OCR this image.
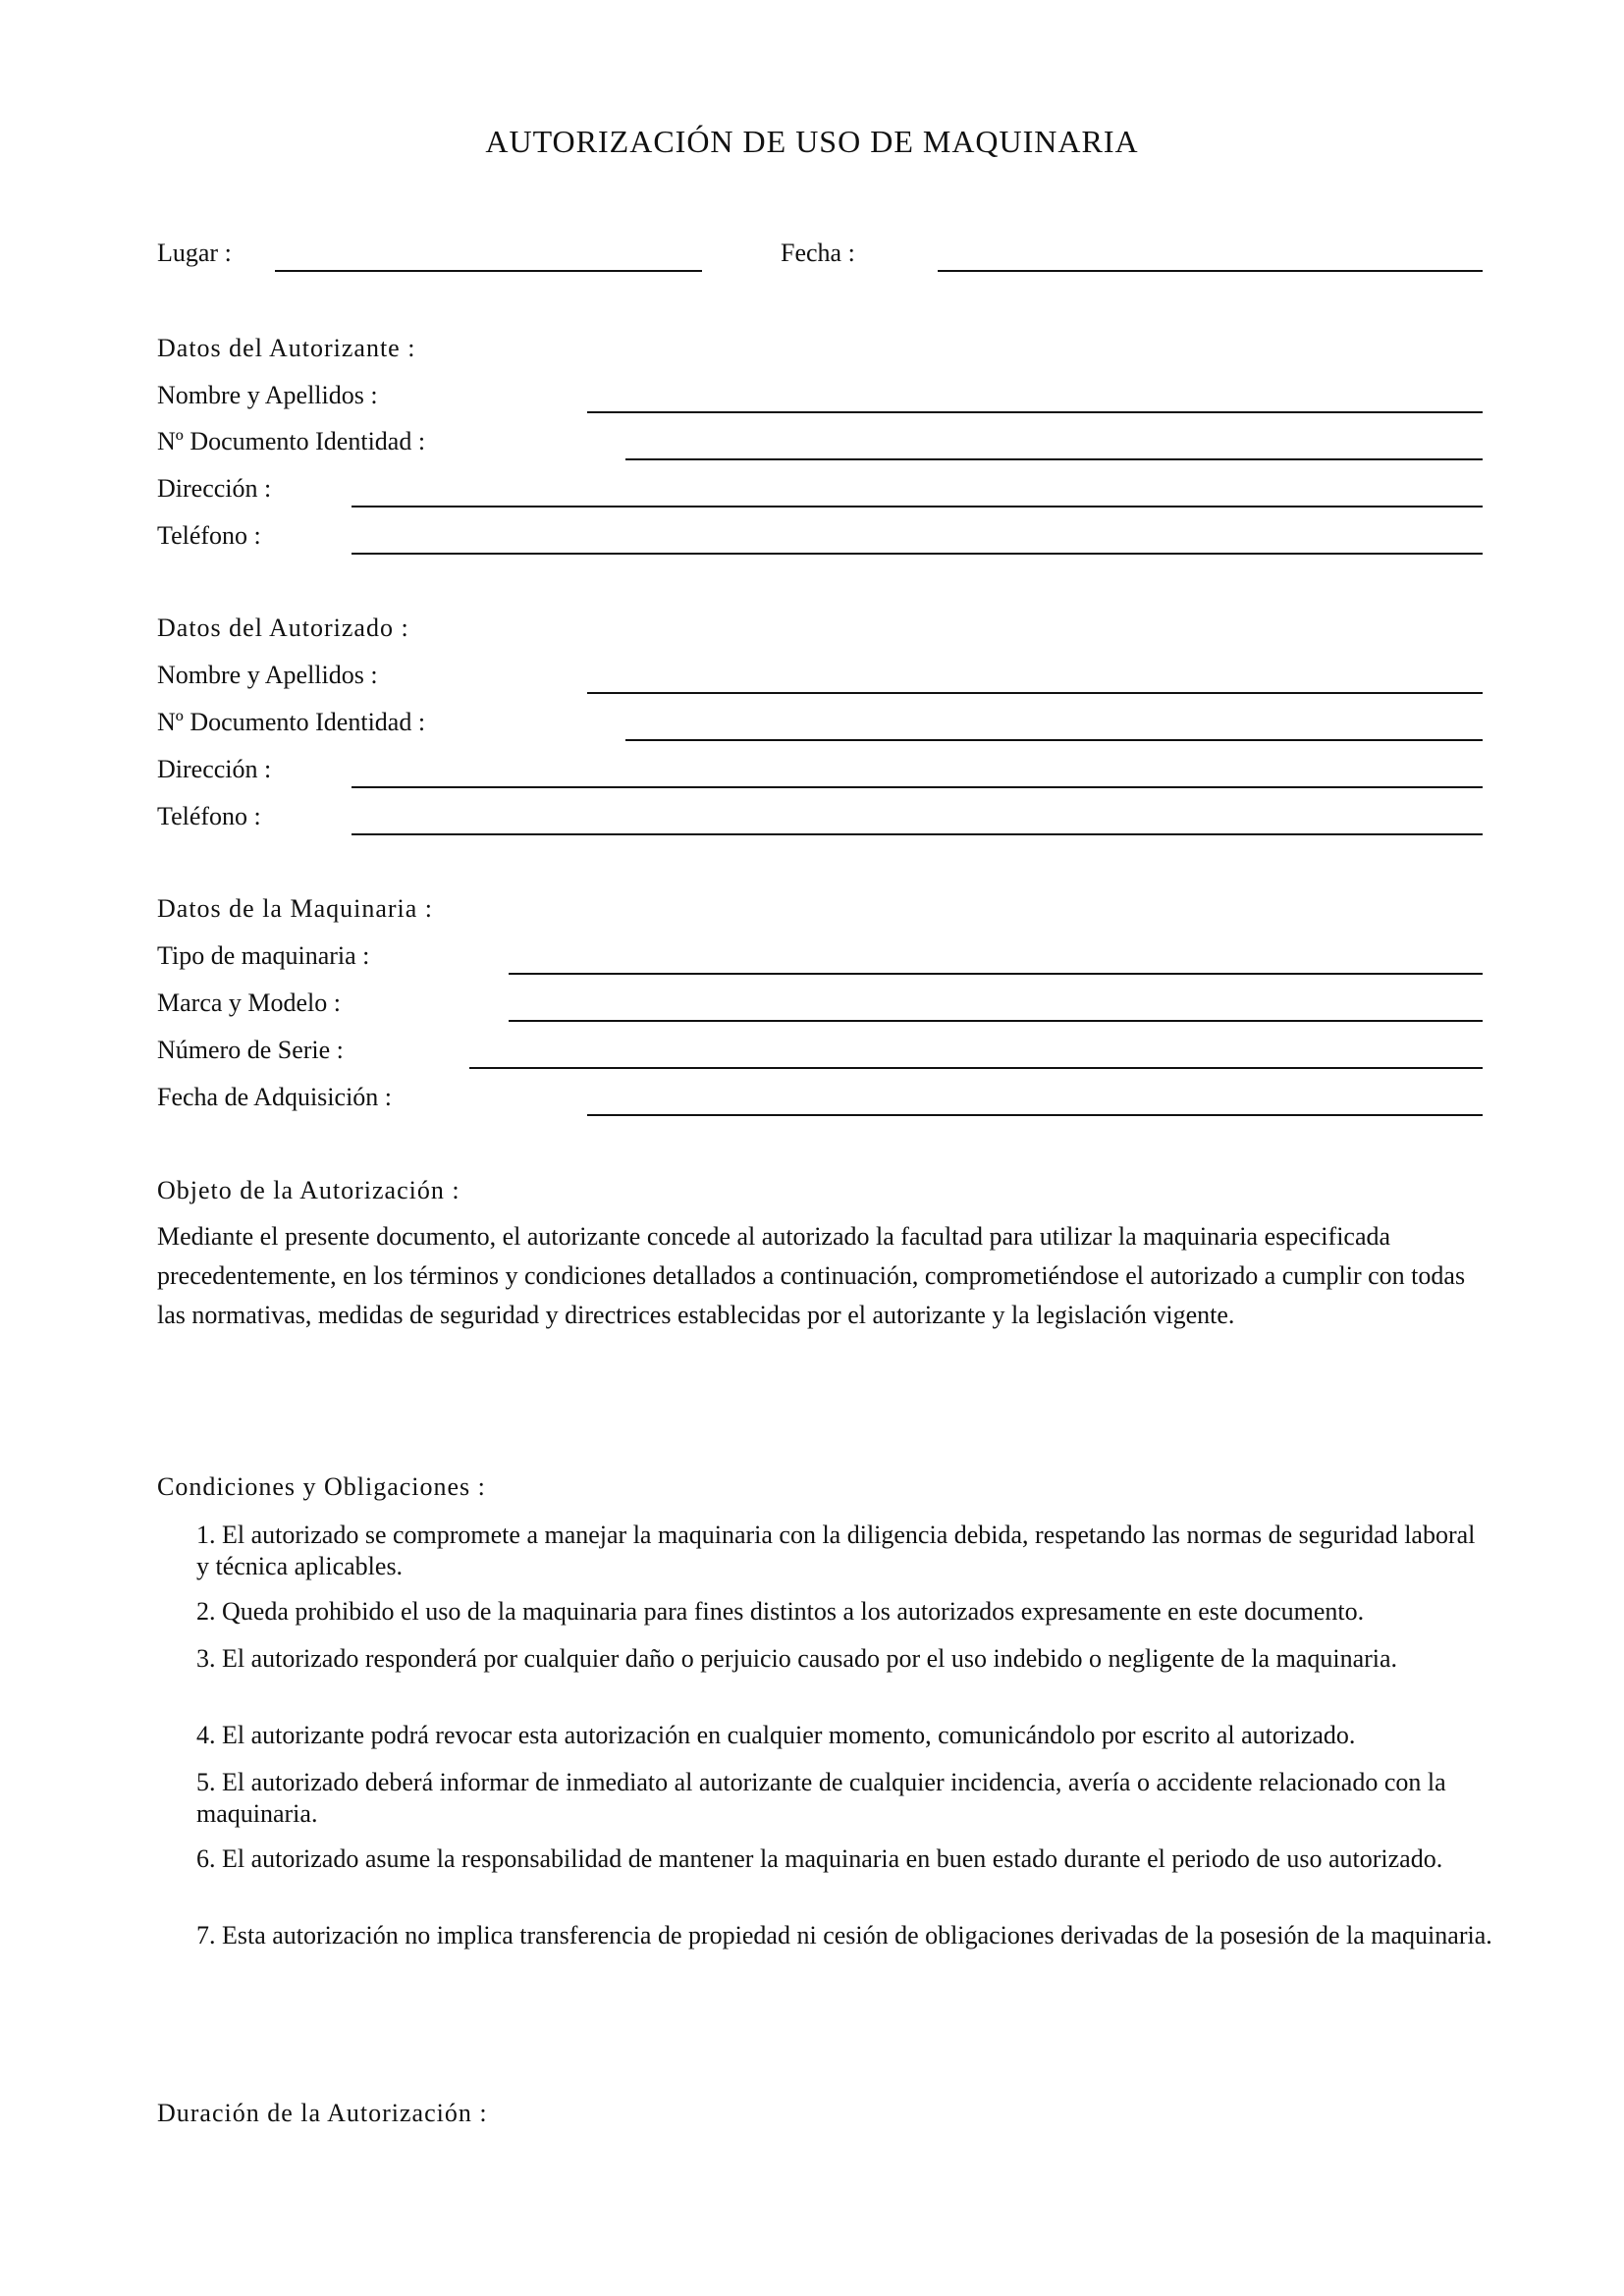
AUTORIZACIÓN DE USO DE MAQUINARIA
Lugar :	Fecha :
Datos del Autorizante :
Nombre y Apellidos :
Nº Documento Identidad :
Dirección :
Teléfono :
Datos del Autorizado :
Nombre y Apellidos :
Nº Documento Identidad :
Dirección :
Teléfono :
Datos de la Maquinaria :
Tipo de maquinaria :
Marca y Modelo :
Número de Serie :
Fecha de Adquisición :
Objeto de la Autorización :
Mediante el presente documento, el autorizante concede al autorizado la facultad para utilizar la maquinaria especificada precedentemente, en los términos y condiciones detallados a continuación, comprometiéndose el autorizado a cumplir con todas las normativas, medidas de seguridad y directrices establecidas por el autorizante y la legislación vigente.
Condiciones y Obligaciones :
1. El autorizado se compromete a manejar la maquinaria con la diligencia debida, respetando las normas de seguridad laboral y técnica aplicables.
2. Queda prohibido el uso de la maquinaria para fines distintos a los autorizados expresamente en este documento.
3. El autorizado responderá por cualquier daño o perjuicio causado por el uso indebido o negligente de la maquinaria.
4. El autorizante podrá revocar esta autorización en cualquier momento, comunicándolo por escrito al autorizado.
5. El autorizado deberá informar de inmediato al autorizante de cualquier incidencia, avería o accidente relacionado con la maquinaria.
6. El autorizado asume la responsabilidad de mantener la maquinaria en buen estado durante el periodo de uso autorizado.
7. Esta autorización no implica transferencia de propiedad ni cesión de obligaciones derivadas de la posesión de la maquinaria.
Duración de la Autorización :
